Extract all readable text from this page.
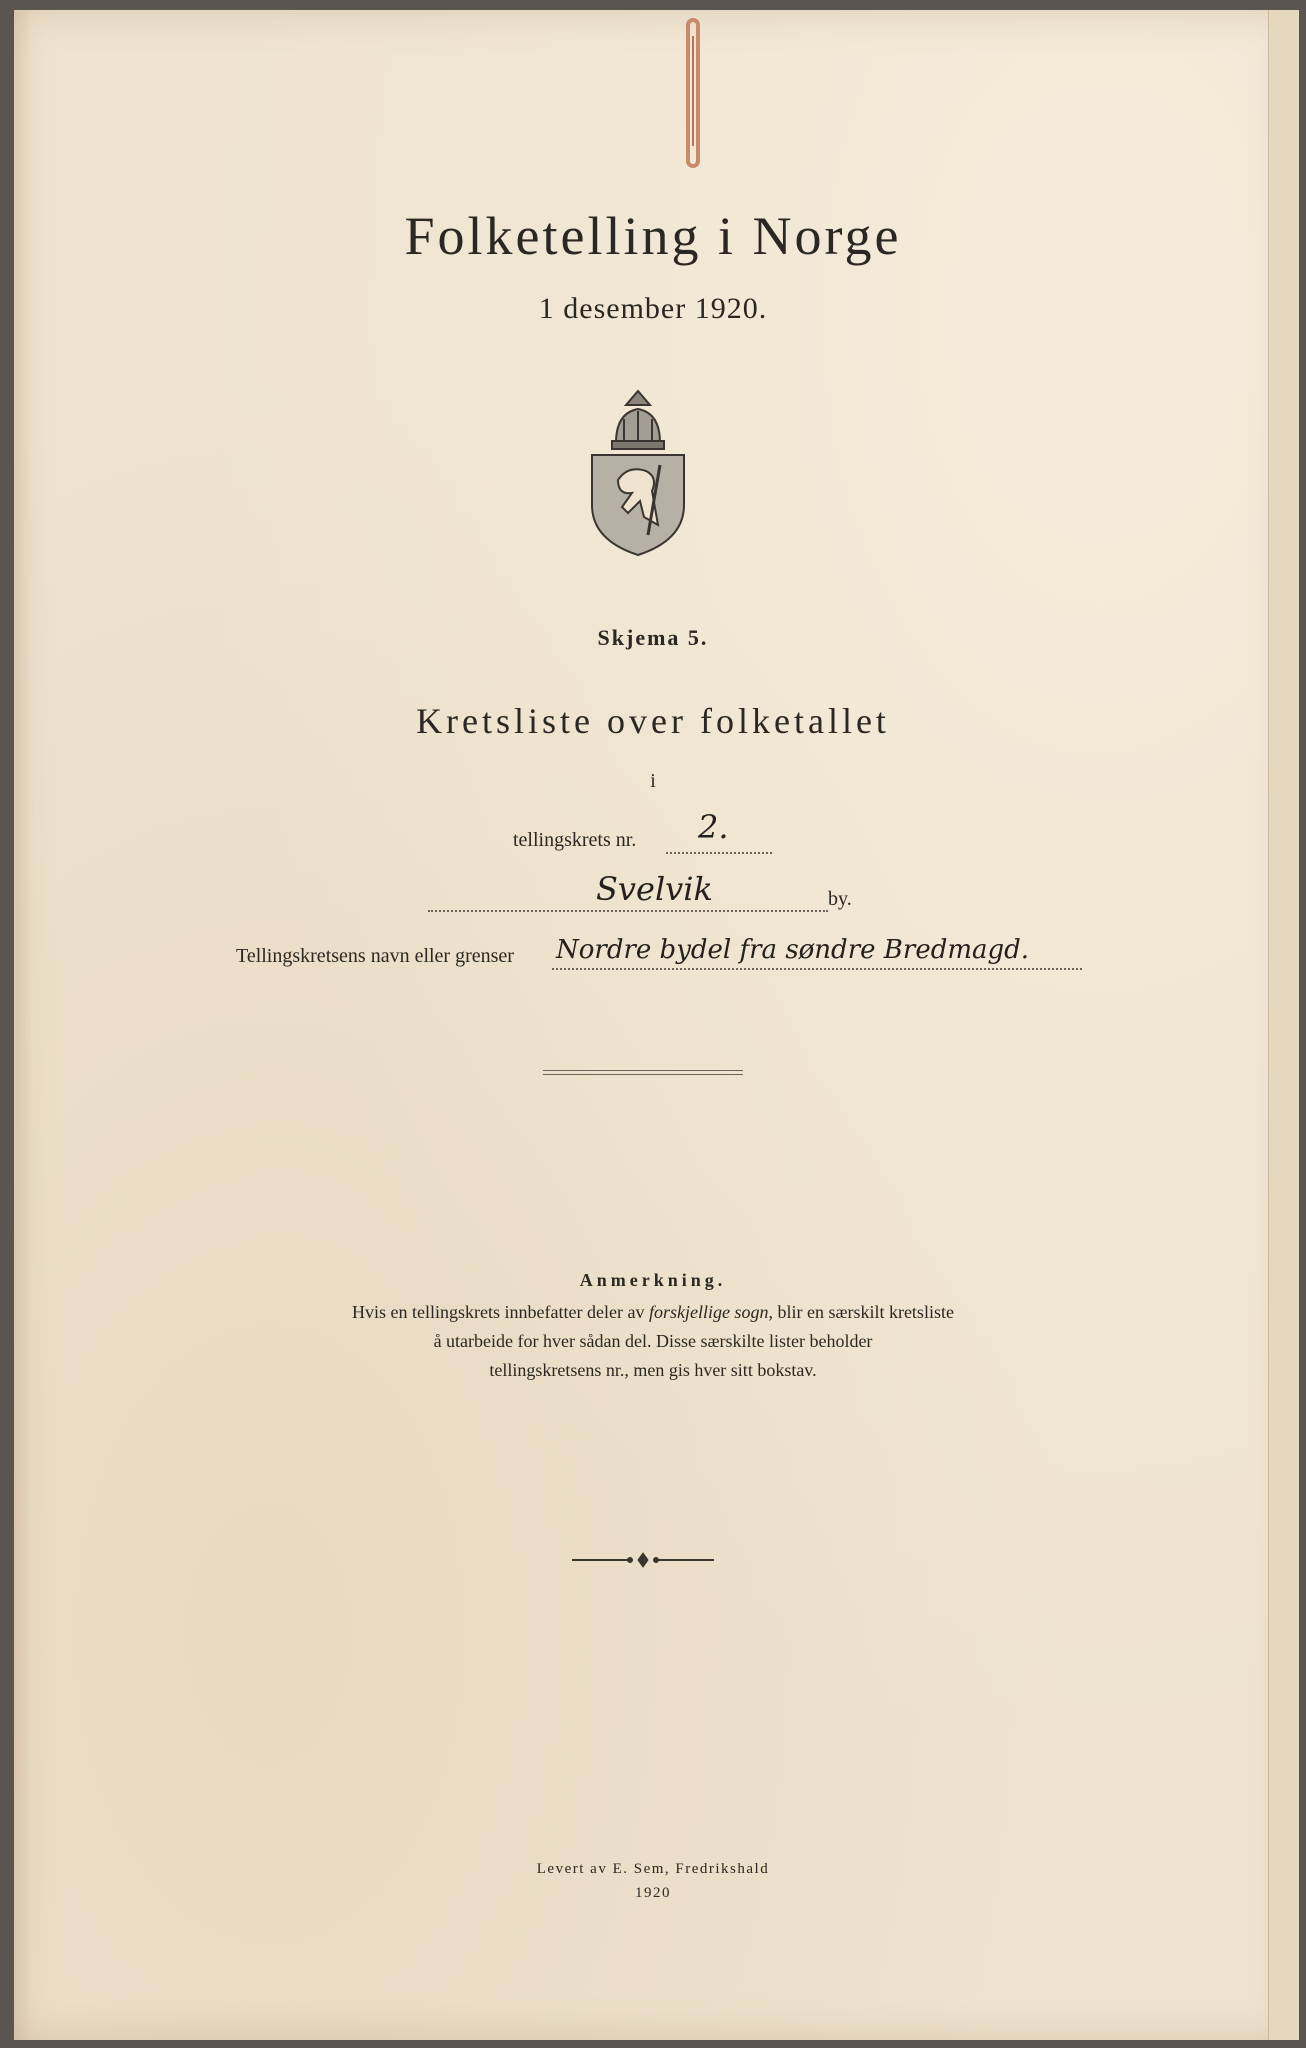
Folketelling i Norge
1 desember 1920.
Skjema 5.
Kretsliste over folketallet
i
tellingskrets nr. 2.
Svelvik	by.
Tellingskretsens navn eller grenser Nordre bydel fra søndre Bredmagd.
Anmerkning.
Hvis en tellingskrets innbefatter deler av forskjellige sogn, blir en særskilt kretsliste
å utarbeide for hver sådan del. Disse særskilte lister beholder
tellingskretsens nr., men gis hver sitt bokstav.
Levert av E. Sem, Fredrikshald
1920
